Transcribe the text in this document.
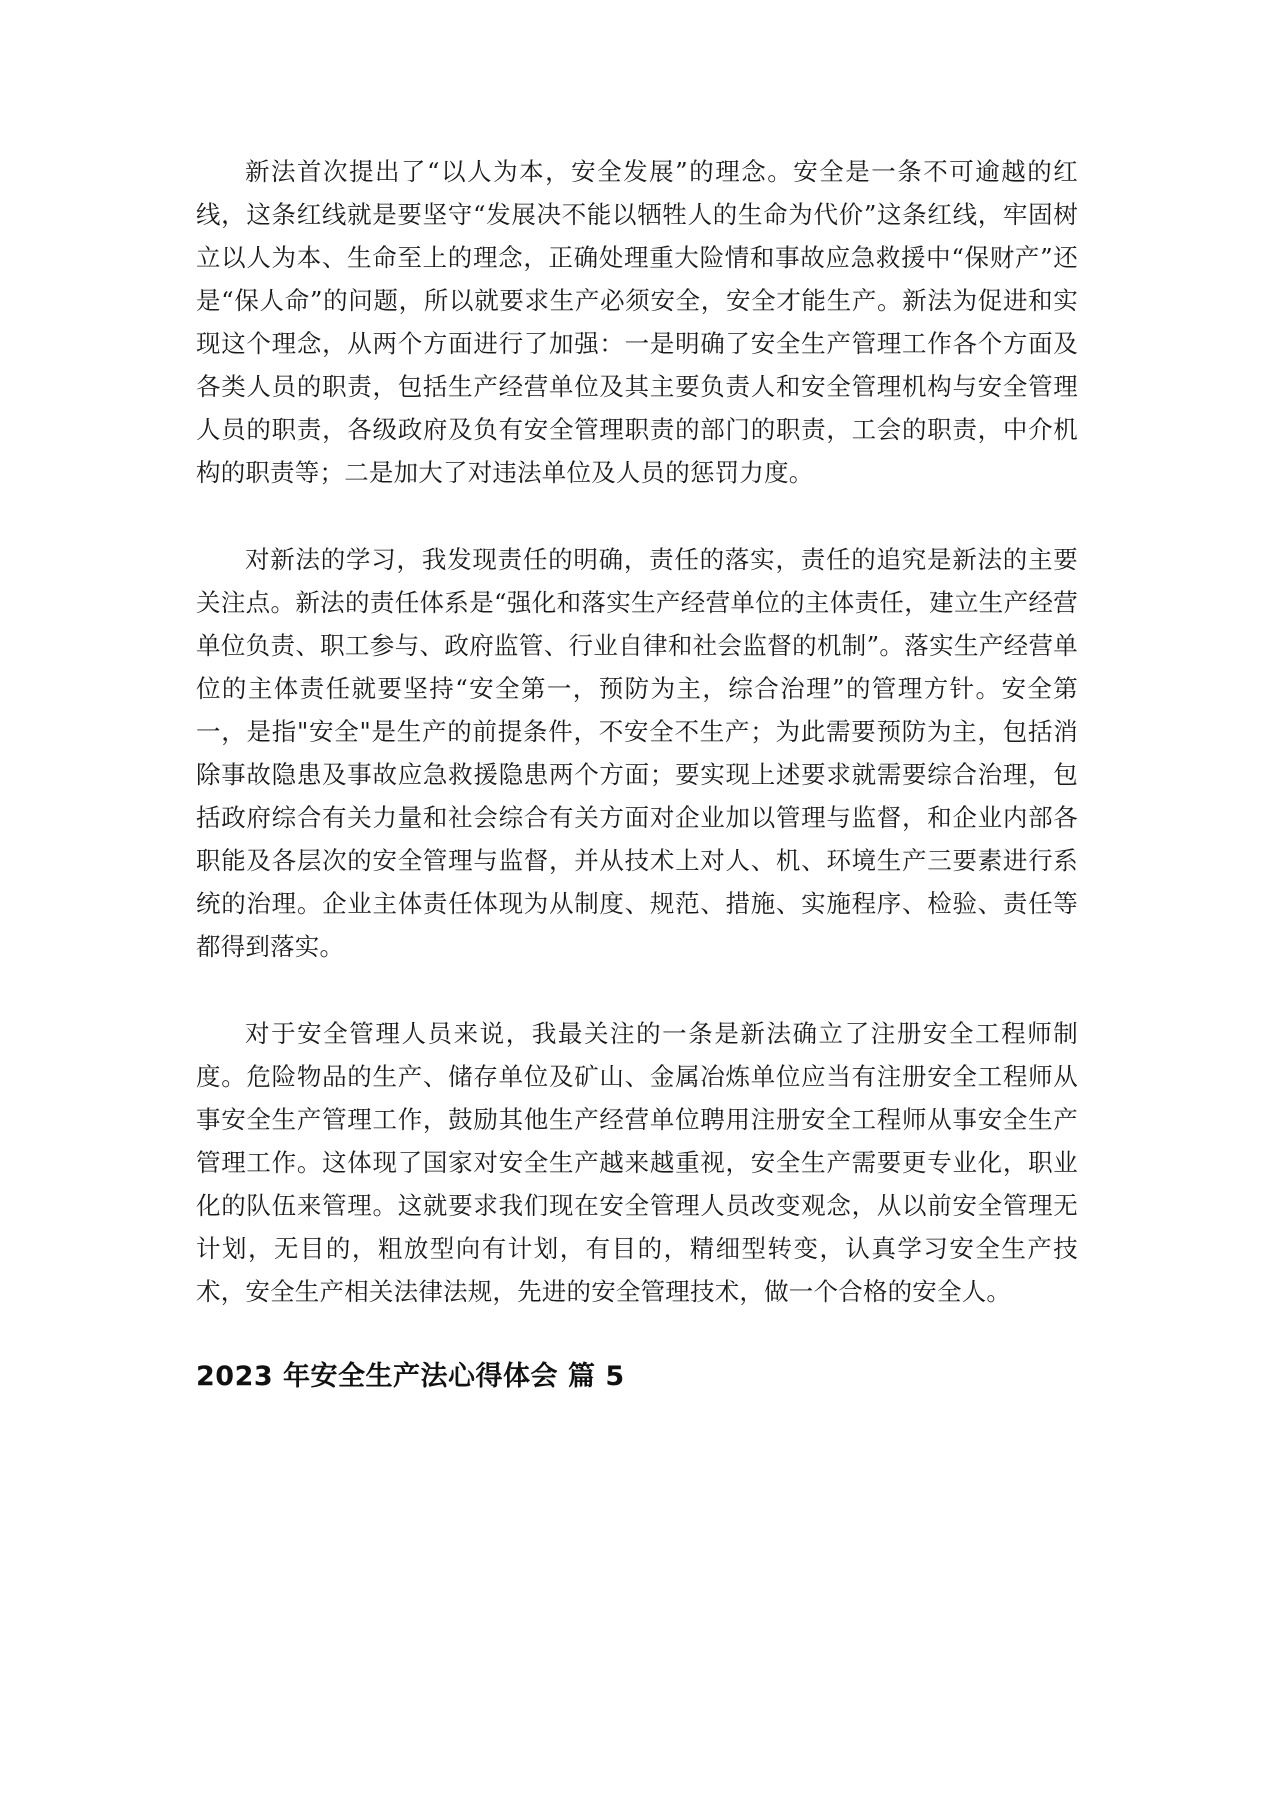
新法首次提出了“以人为本，安全发展”的理念。安全是一条不可逾越的红线，这条红线就是要坚守“发展决不能以牺牲人的生命为代价”这条红线，牢固树立以人为本、生命至上的理念，正确处理重大险情和事故应急救援中“保财产”还是“保人命”的问题，所以就要求生产必须安全，安全才能生产。新法为促进和实现这个理念，从两个方面进行了加强：一是明确了安全生产管理工作各个方面及各类人员的职责，包括生产经营单位及其主要负责人和安全管理机构与安全管理人员的职责，各级政府及负有安全管理职责的部门的职责，工会的职责，中介机构的职责等；二是加大了对违法单位及人员的惩罚力度。

对新法的学习，我发现责任的明确，责任的落实，责任的追究是新法的主要关注点。新法的责任体系是“强化和落实生产经营单位的主体责任，建立生产经营单位负责、职工参与、政府监管、行业自律和社会监督的机制”。落实生产经营单位的主体责任就要坚持“安全第一，预防为主，综合治理”的管理方针。安全第一，是指"安全"是生产的前提条件，不安全不生产；为此需要预防为主，包括消除事故隐患及事故应急救援隐患两个方面；要实现上述要求就需要综合治理，包括政府综合有关力量和社会综合有关方面对企业加以管理与监督，和企业内部各职能及各层次的安全管理与监督，并从技术上对人、机、环境生产三要素进行系统的治理。企业主体责任体现为从制度、规范、措施、实施程序、检验、责任等都得到落实。

对于安全管理人员来说，我最关注的一条是新法确立了注册安全工程师制度。危险物品的生产、储存单位及矿山、金属冶炼单位应当有注册安全工程师从事安全生产管理工作，鼓励其他生产经营单位聘用注册安全工程师从事安全生产管理工作。这体现了国家对安全生产越来越重视，安全生产需要更专业化，职业化的队伍来管理。这就要求我们现在安全管理人员改变观念，从以前安全管理无计划，无目的，粗放型向有计划，有目的，精细型转变，认真学习安全生产技术，安全生产相关法律法规，先进的安全管理技术，做一个合格的安全人。

2023 年安全生产法心得体会 篇 5
